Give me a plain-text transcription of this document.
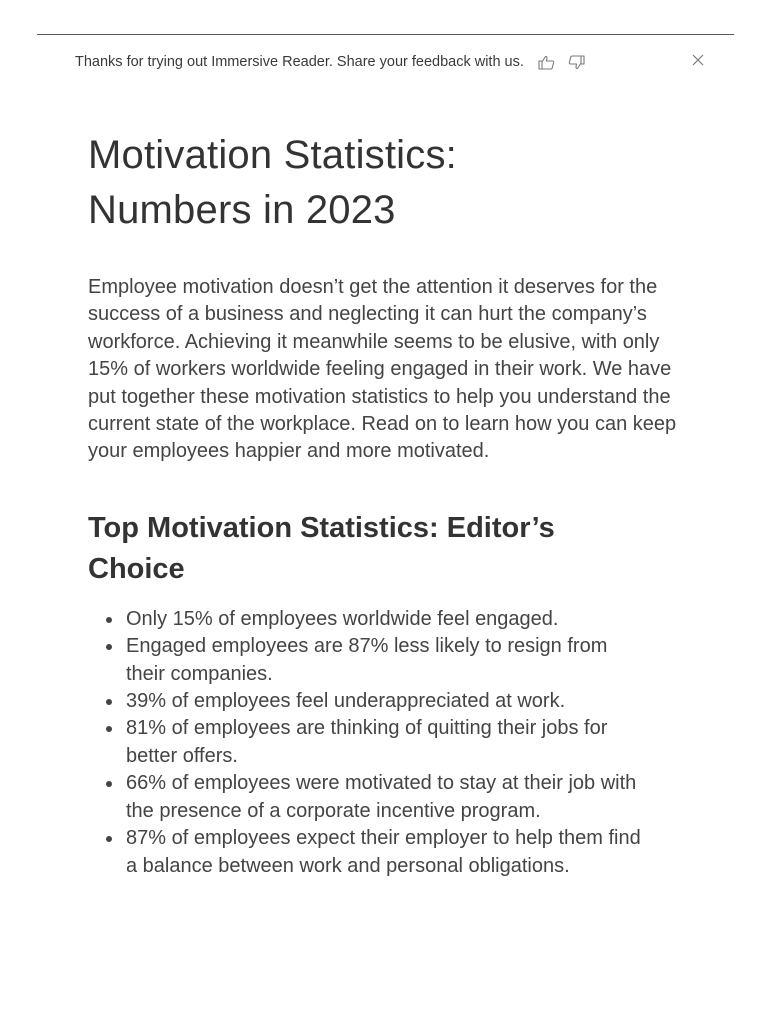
Thanks for trying out Immersive Reader. Share your feedback with us.
Motivation Statistics:
Numbers in 2023

Employee motivation doesn’t get the attention it deserves for the success of a business and neglecting it can hurt the company’s workforce. Achieving it meanwhile seems to be elusive, with only 15% of workers worldwide feeling engaged in their work. We have put together these motivation statistics to help you understand the current state of the workplace. Read on to learn how you can keep your employees happier and more motivated.

Top Motivation Statistics: Editor’s Choice
Only 15% of employees worldwide feel engaged.
Engaged employees are 87% less likely to resign from their companies.
39% of employees feel underappreciated at work.
81% of employees are thinking of quitting their jobs for better offers.
66% of employees were motivated to stay at their job with the presence of a corporate incentive program.
87% of employees expect their employer to help them find a balance between work and personal obligations.
